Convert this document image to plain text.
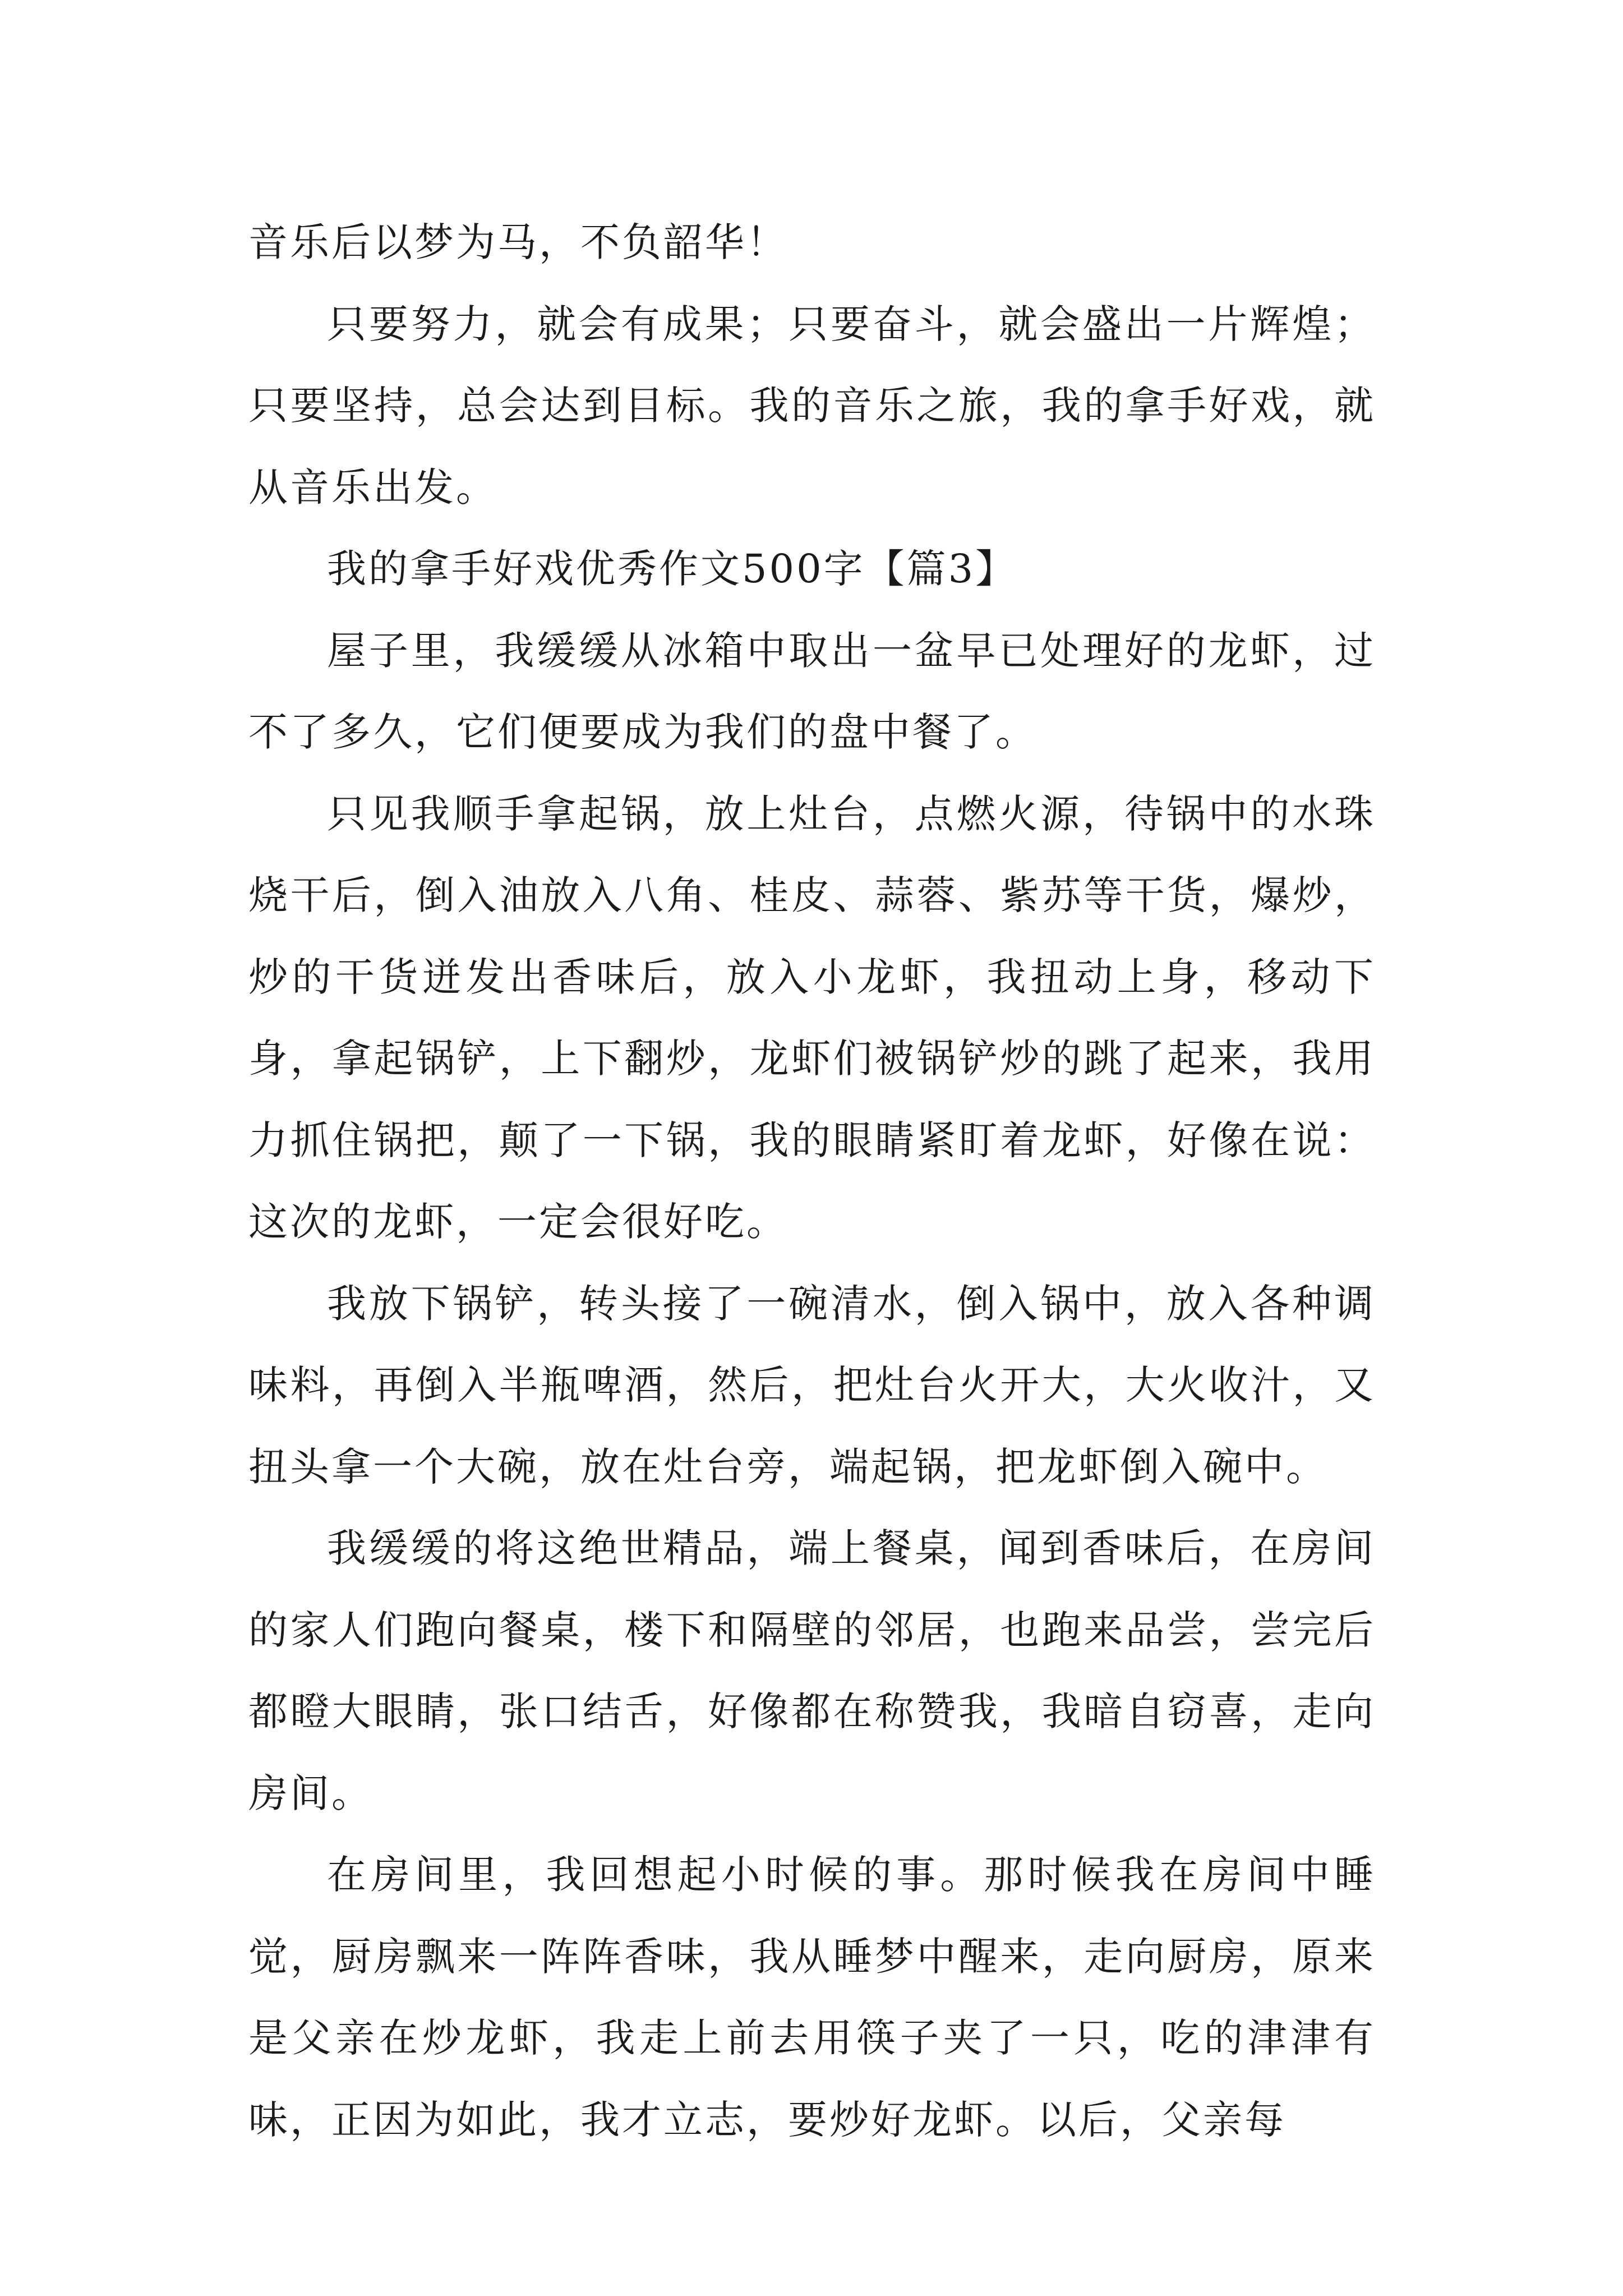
音乐后以梦为马，不负韶华！

只要努力，就会有成果；只要奋斗，就会盛出一片辉煌；只要坚持，总会达到目标。我的音乐之旅，我的拿手好戏，就从音乐出发。

我的拿手好戏优秀作文500字【篇3】

屋子里，我缓缓从冰箱中取出一盆早已处理好的龙虾，过不了多久，它们便要成为我们的盘中餐了。

只见我顺手拿起锅，放上灶台，点燃火源，待锅中的水珠烧干后，倒入油放入八角、桂皮、蒜蓉、紫苏等干货，爆炒，炒的干货迸发出香味后，放入小龙虾，我扭动上身，移动下身，拿起锅铲，上下翻炒，龙虾们被锅铲炒的跳了起来，我用力抓住锅把，颠了一下锅，我的眼睛紧盯着龙虾，好像在说：这次的龙虾，一定会很好吃。

我放下锅铲，转头接了一碗清水，倒入锅中，放入各种调味料，再倒入半瓶啤酒，然后，把灶台火开大，大火收汁，又扭头拿一个大碗，放在灶台旁，端起锅，把龙虾倒入碗中。

我缓缓的将这绝世精品，端上餐桌，闻到香味后，在房间的家人们跑向餐桌，楼下和隔壁的邻居，也跑来品尝，尝完后都瞪大眼睛，张口结舌，好像都在称赞我，我暗自窃喜，走向房间。

在房间里，我回想起小时候的事。那时候我在房间中睡觉，厨房飘来一阵阵香味，我从睡梦中醒来，走向厨房，原来是父亲在炒龙虾，我走上前去用筷子夹了一只，吃的津津有味，正因为如此，我才立志，要炒好龙虾。以后，父亲每
